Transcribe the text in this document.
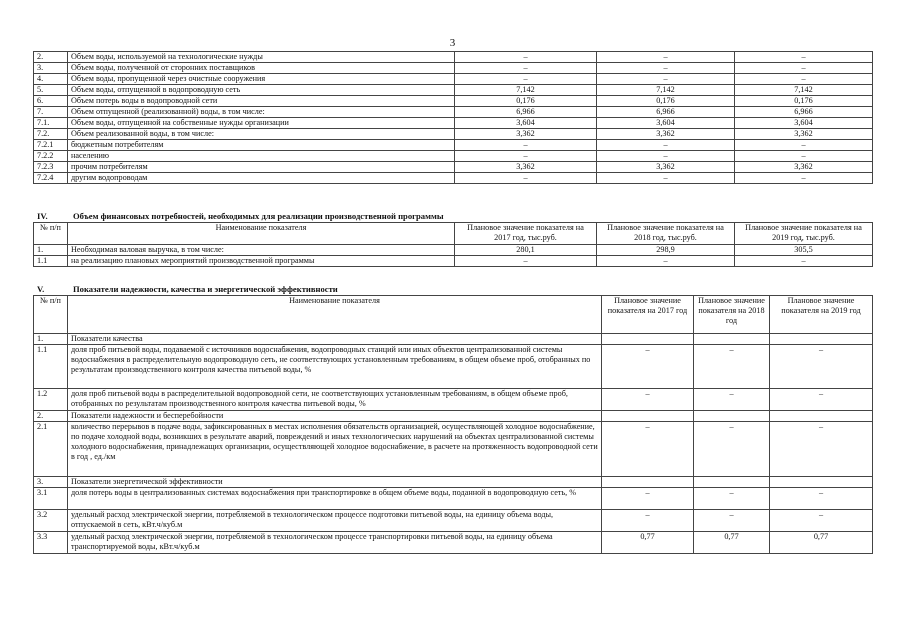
3
2.	Объем воды, используемой на технологические нужды	–	–	–
3.	Объем воды, полученной от сторонних поставщиков	–	–	–
4.	Объем воды, пропущенной через очистные сооружения	–	–	–
5.	Объем воды, отпущенной в водопроводную сеть	7,142	7,142	7,142
6.	Объем потерь воды в водопроводной сети	0,176	0,176	0,176
7.	Объем отпущенной (реализованной) воды, в том числе:	6,966	6,966	6,966
7.1.	Объем воды, отпущенной на собственные нужды организации	3,604	3,604	3,604
7.2.	Объем реализованной воды, в том числе:	3,362	3,362	3,362
7.2.1	бюджетным потребителям	–	–	–
7.2.2	населению	–	–	–
7.2.3	прочим потребителям	3,362	3,362	3,362
7.2.4	другим водопроводам	–	–	–
IV.	Объем финансовых потребностей, необходимых для реализации производственной программы
№ п/п	Наименование показателя	Плановое значение показателя на 2017 год, тыс.руб.	Плановое значение показателя на 2018 год, тыс.руб.	Плановое значение показателя на 2019 год, тыс.руб.
1.	Необходимая валовая выручка, в том числе:	280,1	298,9	305,5
1.1	на реализацию плановых мероприятий производственной программы	–	–	–
V.	Показатели надежности, качества и энергетической эффективности
№ п/п	Наименование показателя	Плановое значение показателя на 2017 год	Плановое значение показателя на 2018 год	Плановое значение показателя на 2019 год
1.	Показатели качества			
1.1	доля проб питьевой воды, подаваемой с источников водоснабжения, водопроводных станций или иных объектов централизованной системы водоснабжения в распределительную водопроводную сеть, не соответствующих установленным требованиям, в общем объеме проб, отобранных по результатам производственного контроля качества питьевой воды, %	–	–	–
1.2	доля проб питьевой воды в распределительной водопроводной сети, не соответствующих установленным требованиям, в общем объеме проб, отобранных по результатам производственного контроля качества питьевой воды, %	–	–	–
2.	Показатели надежности и бесперебойности			
2.1	количество перерывов в подаче воды, зафиксированных в местах исполнения обязательств организацией, осуществляющей холодное водоснабжение, по подаче холодной воды, возникших в результате аварий, повреждений и иных технологических нарушений на объектах централизованной системы холодного водоснабжения, принадлежащих организации, осуществляющей холодное водоснабжение, в расчете на протяженность водопроводной сети в год , ед./км	–	–	–
3.	Показатели энергетической эффективности			
3.1	доля потерь воды в централизованных системах водоснабжения при транспортировке в общем объеме воды, поданной в водопроводную сеть, %	–	–	–
3.2	удельный расход электрической энергии, потребляемой в технологическом процессе подготовки питьевой воды, на единицу объема воды, отпускаемой в сеть, кВт.ч/куб.м	–	–	–
3.3	удельный расход электрической энергии, потребляемой в технологическом процессе транспортировки питьевой воды, на единицу объема транспортируемой воды, кВт.ч/куб.м	0,77	0,77	0,77
